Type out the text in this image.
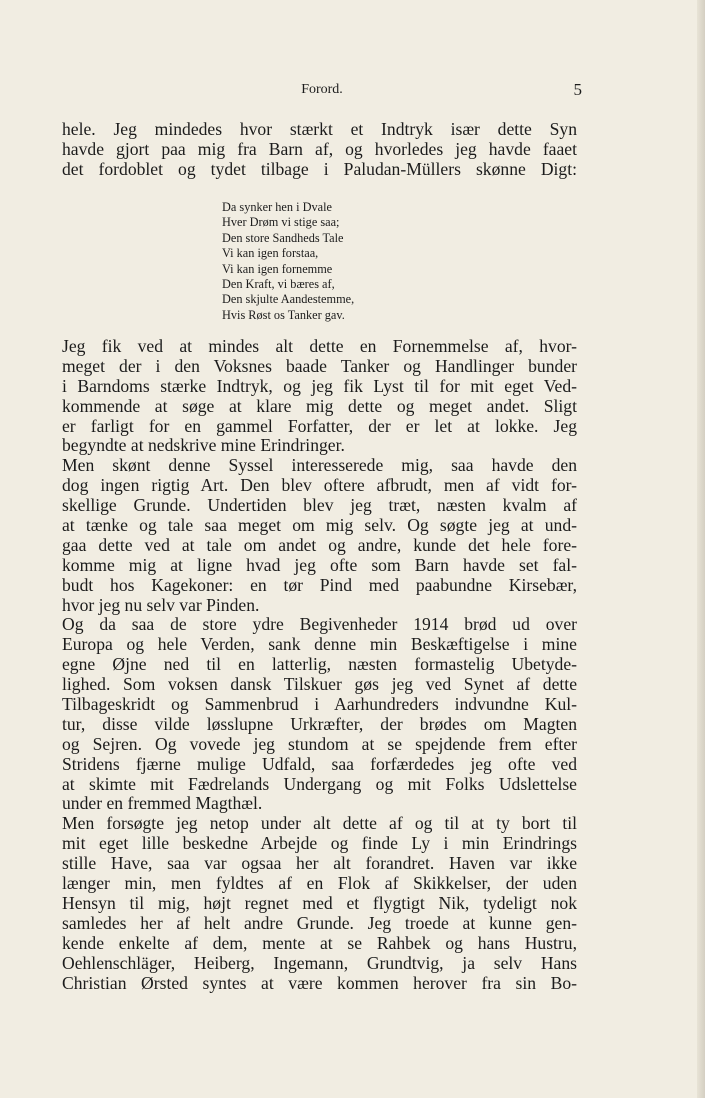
Forord.	5
hele. Jeg mindedes hvor stærkt et Indtryk især dette Syn
havde gjort paa mig fra Barn af, og hvorledes jeg havde faaet
det fordoblet og tydet tilbage i Paludan-Müllers skønne Digt:
Da synker hen i Dvale
Hver Drøm vi stige saa;
Den store Sandheds Tale
Vi kan igen forstaa,
Vi kan igen fornemme
Den Kraft, vi bæres af,
Den skjulte Aandestemme,
Hvis Røst os Tanker gav.
Jeg fik ved at mindes alt dette en Fornemmelse af, hvor-
meget der i den Voksnes baade Tanker og Handlinger bunder
i Barndoms stærke Indtryk, og jeg fik Lyst til for mit eget Ved-
kommende at søge at klare mig dette og meget andet. Sligt
er farligt for en gammel Forfatter, der er let at lokke. Jeg
begyndte at nedskrive mine Erindringer.
Men skønt denne Syssel interesserede mig, saa havde den
dog ingen rigtig Art. Den blev oftere afbrudt, men af vidt for-
skellige Grunde. Undertiden blev jeg træt, næsten kvalm af
at tænke og tale saa meget om mig selv. Og søgte jeg at und-
gaa dette ved at tale om andet og andre, kunde det hele fore-
komme mig at ligne hvad jeg ofte som Barn havde set fal-
budt hos Kagekoner: en tør Pind med paabundne Kirsebær,
hvor jeg nu selv var Pinden.
Og da saa de store ydre Begivenheder 1914 brød ud over
Europa og hele Verden, sank denne min Beskæftigelse i mine
egne Øjne ned til en latterlig, næsten formastelig Ubetyde-
lighed. Som voksen dansk Tilskuer gøs jeg ved Synet af dette
Tilbageskridt og Sammenbrud i Aarhundreders indvundne Kul-
tur, disse vilde løsslupne Urkræfter, der brødes om Magten
og Sejren. Og vovede jeg stundom at se spejdende frem efter
Stridens fjærne mulige Udfald, saa forfærdedes jeg ofte ved
at skimte mit Fædrelands Undergang og mit Folks Udslettelse
under en fremmed Magthæl.
Men forsøgte jeg netop under alt dette af og til at ty bort til
mit eget lille beskedne Arbejde og finde Ly i min Erindrings
stille Have, saa var ogsaa her alt forandret. Haven var ikke
længer min, men fyldtes af en Flok af Skikkelser, der uden
Hensyn til mig, højt regnet med et flygtigt Nik, tydeligt nok
samledes her af helt andre Grunde. Jeg troede at kunne gen-
kende enkelte af dem, mente at se Rahbek og hans Hustru,
Oehlenschläger, Heiberg, Ingemann, Grundtvig, ja selv Hans
Christian Ørsted syntes at være kommen herover fra sin Bo-
